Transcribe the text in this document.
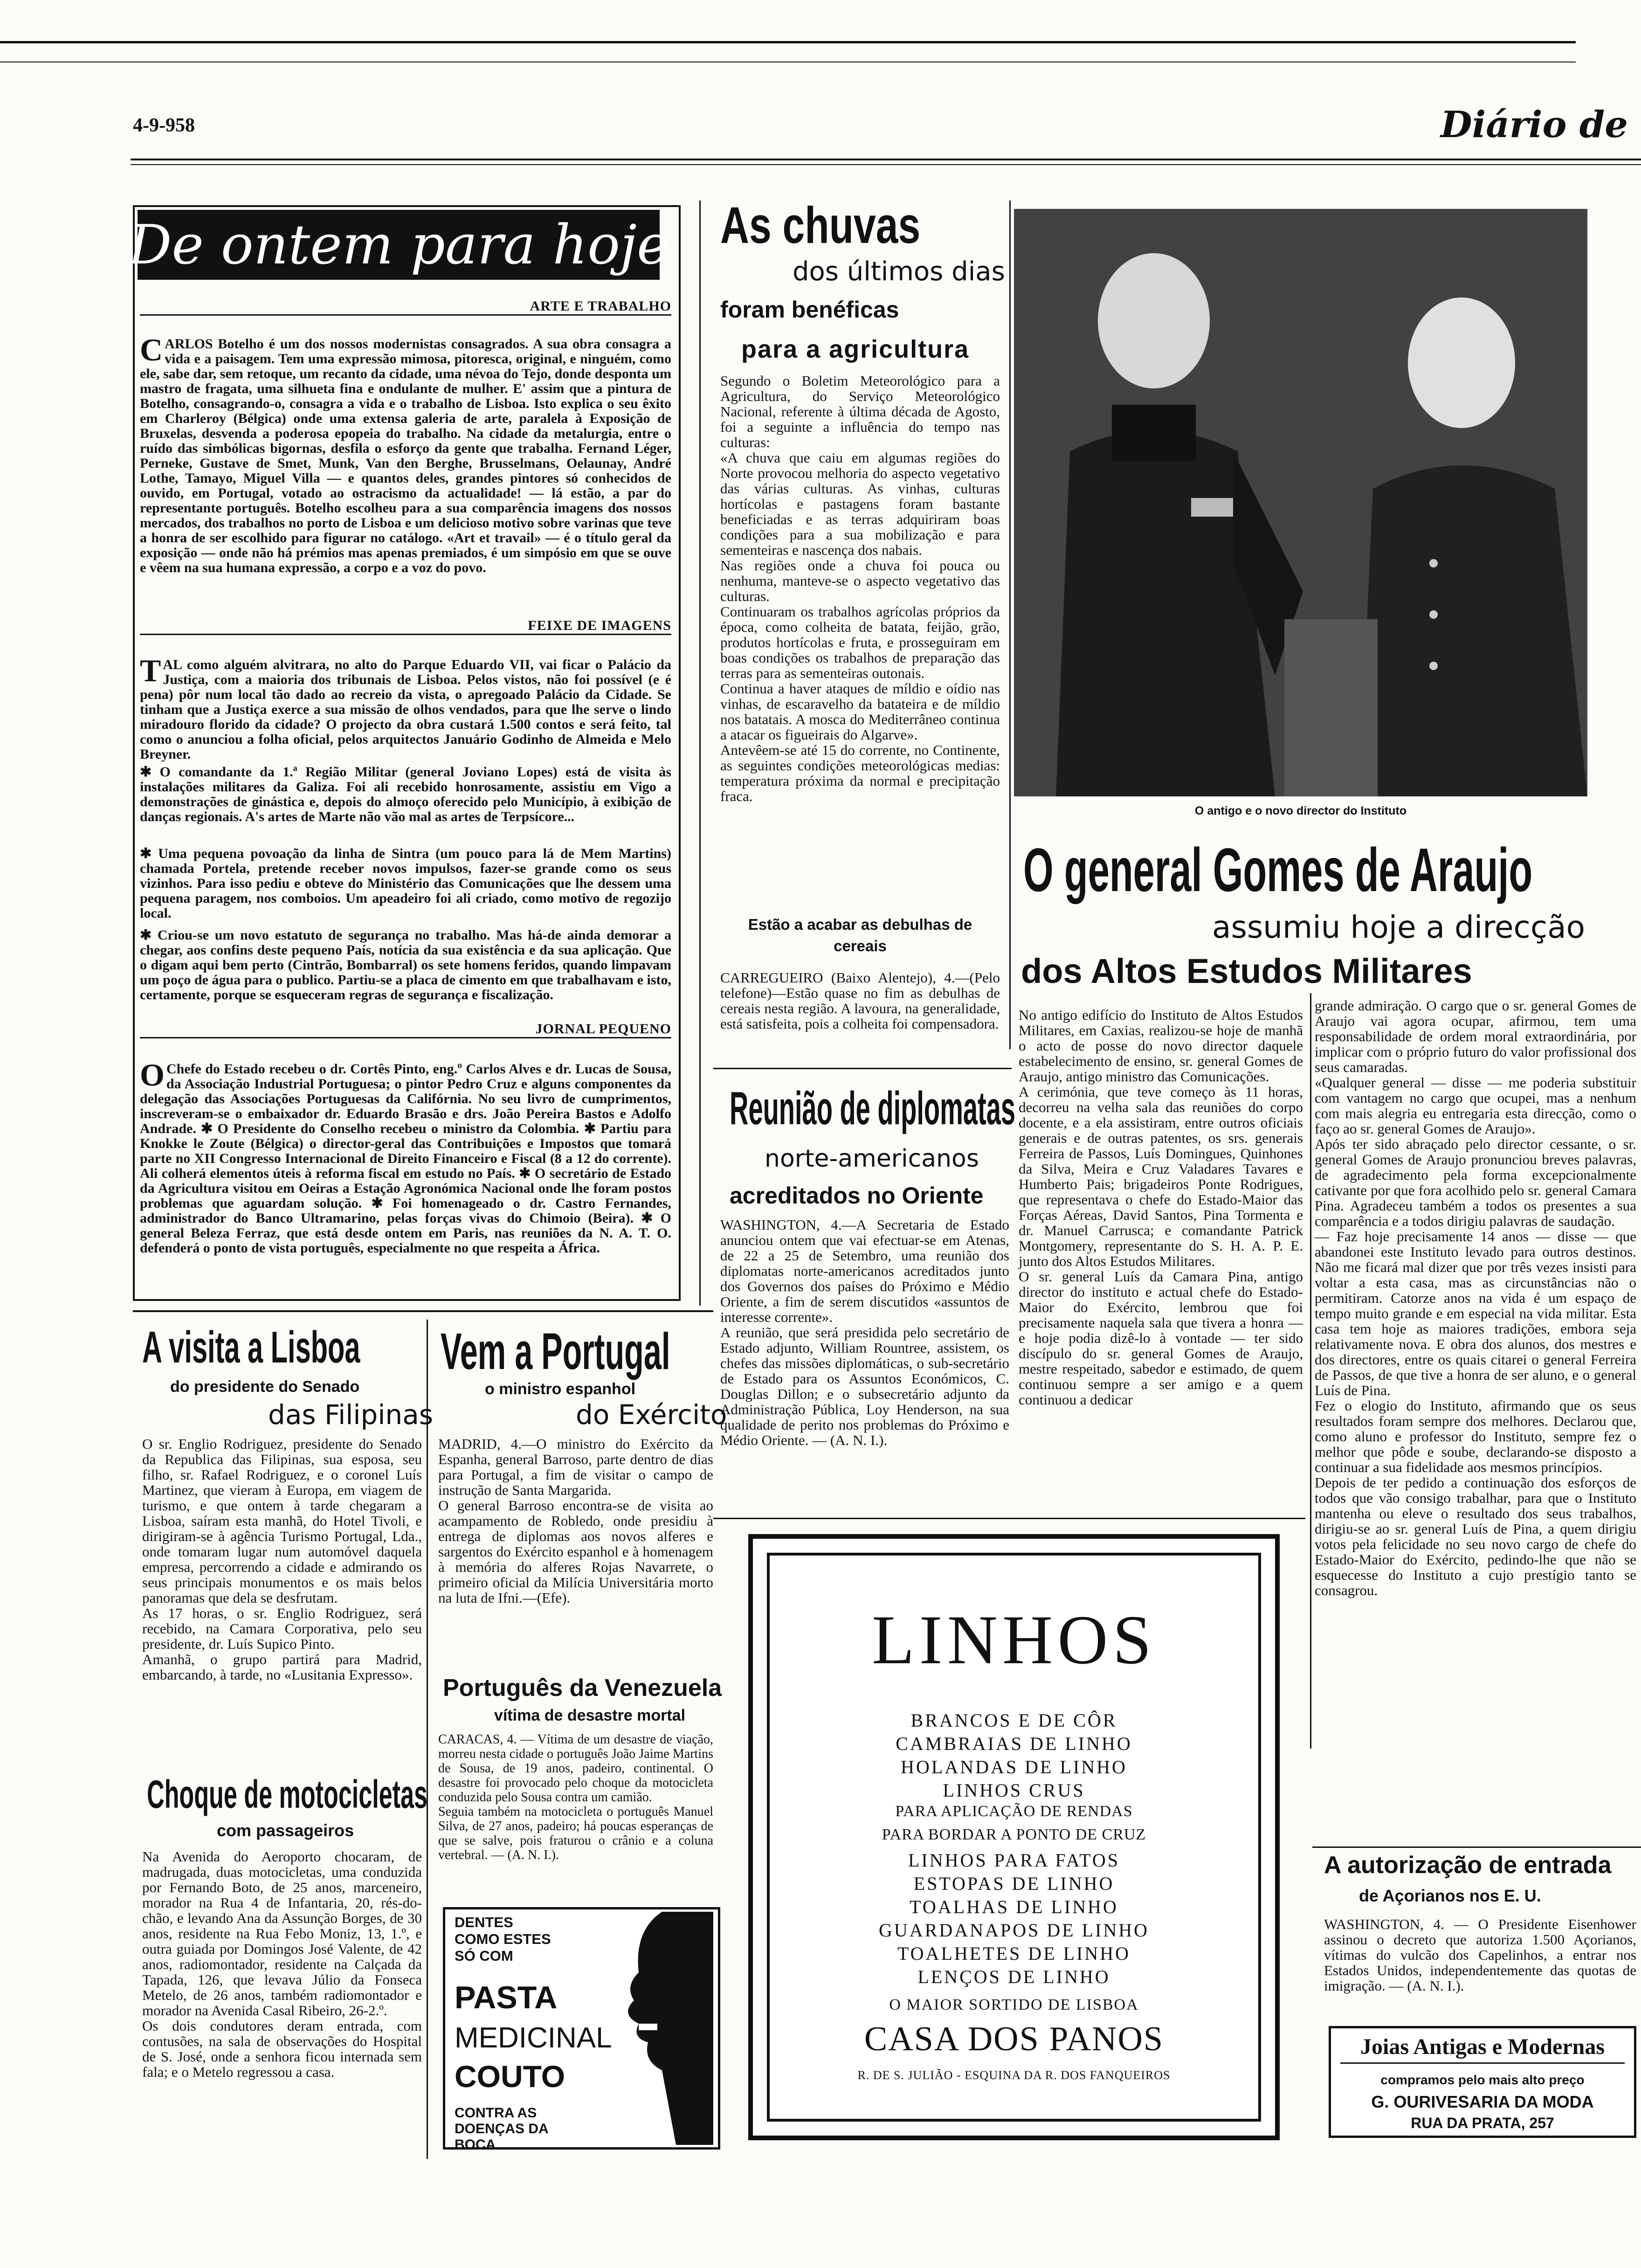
4-9-958	Diário de
De ontem para hoje
ARTE E TRABALHO

CARLOS Botelho é um dos nossos modernistas consagrados. A sua obra consagra a vida e a paisagem. Tem uma expressão mimosa, pitoresca, original, e ninguém, como ele, sabe dar, sem retoque, um recanto da cidade, uma névoa do Tejo, donde desponta um mastro de fragata, uma silhueta fina e ondulante de mulher. E' assim que a pintura de Botelho, consagrando-o, consagra a vida e o trabalho de Lisboa. Isto explica o seu êxito em Charleroy (Bélgica) onde uma extensa galeria de arte, paralela à Exposição de Bruxelas, desvenda a poderosa epopeia do trabalho. Na cidade da metalurgia, entre o ruído das simbólicas bigornas, desfila o esforço da gente que trabalha. Fernand Léger, Perneke, Gustave de Smet, Munk, Van den Berghe, Brusselmans, Oelaunay, André Lothe, Tamayo, Miguel Villa — e quantos deles, grandes pintores só conhecidos de ouvido, em Portugal, votado ao ostracismo da actualidade! — lá estão, a par do representante português. Botelho escolheu para a sua comparência imagens dos nossos mercados, dos trabalhos no porto de Lisboa e um delicioso motivo sobre varinas que teve a honra de ser escolhido para figurar no catálogo. «Art et travail» — é o título geral da exposição — onde não há prémios mas apenas premiados, é um simpósio em que se ouve e vêem na sua humana expressão, a corpo e a voz do povo.

FEIXE DE IMAGENS

TAL como alguém alvitrara, no alto do Parque Eduardo VII, vai ficar o Palácio da Justiça, com a maioria dos tribunais de Lisboa. Pelos vistos, não foi possível (e é pena) pôr num local tão dado ao recreio da vista, o apregoado Palácio da Cidade. Se tinham que a Justiça exerce a sua missão de olhos vendados, para que lhe serve o lindo miradouro florido da cidade? O projecto da obra custará 1.500 contos e será feito, tal como o anunciou a folha oficial, pelos arquitectos Januário Godinho de Almeida e Melo Breyner.

✱ O comandante da 1.ª Região Militar (general Joviano Lopes) está de visita às instalações militares da Galiza. Foi ali recebido honrosamente, assistiu em Vigo a demonstrações de ginástica e, depois do almoço oferecido pelo Município, à exibição de danças regionais. A's artes de Marte não vão mal as artes de Terpsícore...
✱ Uma pequena povoação da linha de Sintra (um pouco para lá de Mem Martins) chamada Portela, pretende receber novos impulsos, fazer-se grande como os seus vizinhos. Para isso pediu e obteve do Ministério das Comunicações que lhe dessem uma pequena paragem, nos comboios. Um apeadeiro foi ali criado, como motivo de regozijo local.
✱ Criou-se um novo estatuto de segurança no trabalho. Mas há-de ainda demorar a chegar, aos confins deste pequeno País, notícia da sua existência e da sua aplicação. Que o digam aqui bem perto (Cintrão, Bombarral) os sete homens feridos, quando limpavam um poço de água para o publico. Partiu-se a placa de cimento em que trabalhavam e isto, certamente, porque se esqueceram regras de segurança e fiscalização.
JORNAL PEQUENO

O Chefe do Estado recebeu o dr. Cortês Pinto, eng.º Carlos Alves e dr. Lucas de Sousa, da Associação Industrial Portuguesa; o pintor Pedro Cruz e alguns componentes da delegação das Associações Portuguesas da Califórnia. No seu livro de cumprimentos, inscreveram-se o embaixador dr. Eduardo Brasão e drs. João Pereira Bastos e Adolfo Andrade. ✱ O Presidente do Conselho recebeu o ministro da Colombia. ✱ Partiu para Knokke le Zoute (Bélgica) o director-geral das Contribuições e Impostos que tomará parte no XII Congresso Internacional de Direito Financeiro e Fiscal (8 a 12 do corrente). Ali colherá elementos úteis à reforma fiscal em estudo no País. ✱ O secretário de Estado da Agricultura visitou em Oeiras a Estação Agronómica Nacional onde lhe foram postos problemas que aguardam solução. ✱ Foi homenageado o dr. Castro Fernandes, administrador do Banco Ultramarino, pelas forças vivas do Chimoio (Beira). ✱ O general Beleza Ferraz, que está desde ontem em Paris, nas reuniões da N. A. T. O. defenderá o ponto de vista português, especialmente no que respeita a África.

As chuvas
dos últimos dias
foram benéficas
para a agricultura
Segundo o Boletim Meteorológico para a Agricultura, do Serviço Meteorológico Nacional, referente à última década de Agosto, foi a seguinte a influência do tempo nas culturas:
«A chuva que caiu em algumas regiões do Norte provocou melhoria do aspecto vegetativo das várias culturas. As vinhas, culturas hortícolas e pastagens foram bastante beneficiadas e as terras adquiriram boas condições para a sua mobilização e para sementeiras e nascença dos nabais.
Nas regiões onde a chuva foi pouca ou nenhuma, manteve-se o aspecto vegetativo das culturas.
Continuaram os trabalhos agrícolas próprios da época, como colheita de batata, feijão, grão, produtos hortícolas e fruta, e prosseguiram em boas condições os trabalhos de preparação das terras para as sementeiras outonais.
Continua a haver ataques de míldio e oídio nas vinhas, de escaravelho da batateira e de míldio nos batatais. A mosca do Mediterrâneo continua a atacar os figueirais do Algarve».
Antevêem-se até 15 do corrente, no Continente, as seguintes condições meteorológicas medias: temperatura próxima da normal e precipitação fraca.
Estão a acabar as debulhas de cereais
CARREGUEIRO (Baixo Alentejo), 4.—(Pelo telefone)—Estão quase no fim as debulhas de cereais nesta região. A lavoura, na generalidade, está satisfeita, pois a colheita foi compensadora.
O antigo e o novo director do Instituto
O general Gomes de Araujo
assumiu hoje a direcção
dos Altos Estudos Militares
No antigo edifício do Instituto de Altos Estudos Militares, em Caxias, realizou-se hoje de manhã o acto de posse do novo director daquele estabelecimento de ensino, sr. general Gomes de Araujo, antigo ministro das Comunicações.
A cerimónia, que teve começo às 11 horas, decorreu na velha sala das reuniões do corpo docente, e a ela assistiram, entre outros oficiais generais e de outras patentes, os srs. generais Ferreira de Passos, Luís Domingues, Quinhones da Silva, Meira e Cruz Valadares Tavares e Humberto Pais; brigadeiros Ponte Rodrigues, que representava o chefe do Estado-Maior das Forças Aéreas, David Santos, Pina Tormenta e dr. Manuel Carrusca; e comandante Patrick Montgomery, representante do S. H. A. P. E. junto dos Altos Estudos Militares.
O sr. general Luís da Camara Pina, antigo director do instituto e actual chefe do Estado-Maior do Exército, lembrou que foi precisamente naquela sala que tivera a honra — e hoje podia dizê-lo à vontade — ter sido discípulo do sr. general Gomes de Araujo, mestre respeitado, sabedor e estimado, de quem continuou sempre a ser amigo e a quem continuou a dedicar
grande admiração. O cargo que o sr. general Gomes de Araujo vai agora ocupar, afirmou, tem uma responsabilidade de ordem moral extraordinária, por implicar com o próprio futuro do valor profissional dos seus camaradas.
«Qualquer general — disse — me poderia substituir com vantagem no cargo que ocupei, mas a nenhum com mais alegria eu entregaria esta direcção, como o faço ao sr. general Gomes de Araujo».
Após ter sido abraçado pelo director cessante, o sr. general Gomes de Araujo pronunciou breves palavras, de agradecimento pela forma excepcionalmente cativante por que fora acolhido pelo sr. general Camara Pina. Agradeceu também a todos os presentes a sua comparência e a todos dirigiu palavras de saudação.
— Faz hoje precisamente 14 anos — disse — que abandonei este Instituto levado para outros destinos. Não me ficará mal dizer que por três vezes insisti para voltar a esta casa, mas as circunstâncias não o permitiram. Catorze anos na vida é um espaço de tempo muito grande e em especial na vida militar. Esta casa tem hoje as maiores tradições, embora seja relativamente nova. E obra dos alunos, dos mestres e dos directores, entre os quais citarei o general Ferreira de Passos, de que tive a honra de ser aluno, e o general Luís de Pina.
Fez o elogio do Instituto, afirmando que os seus resultados foram sempre dos melhores. Declarou que, como aluno e professor do Instituto, sempre fez o melhor que pôde e soube, declarando-se disposto a continuar a sua fidelidade aos mesmos princípios.
Depois de ter pedido a continuação dos esforços de todos que vão consigo trabalhar, para que o Instituto mantenha ou eleve o resultado dos seus trabalhos, dirigiu-se ao sr. general Luís de Pina, a quem dirigiu votos pela felicidade no seu novo cargo de chefe do Estado-Maior do Exército, pedindo-lhe que não se esquecesse do Instituto a cujo prestígio tanto se consagrou.
Reunião de diplomatas
norte-americanos
acreditados no Oriente
WASHINGTON, 4.—A Secretaria de Estado anunciou ontem que vai efectuar-se em Atenas, de 22 a 25 de Setembro, uma reunião dos diplomatas norte-americanos acreditados junto dos Governos dos países do Próximo e Médio Oriente, a fim de serem discutidos «assuntos de interesse corrente».
A reunião, que será presidida pelo secretário de Estado adjunto, William Rountree, assistem, os chefes das missões diplomáticas, o sub-secretário de Estado para os Assuntos Económicos, C. Douglas Dillon; e o subsecretário adjunto da Administração Pública, Loy Henderson, na sua qualidade de perito nos problemas do Próximo e Médio Oriente. — (A. N. I.).
A visita a Lisboa
do presidente do Senado
das Filipinas
O sr. Englio Rodriguez, presidente do Senado da Republica das Filipinas, sua esposa, seu filho, sr. Rafael Rodriguez, e o coronel Luís Martinez, que vieram à Europa, em viagem de turismo, e que ontem à tarde chegaram a Lisboa, saíram esta manhã, do Hotel Tivoli, e dirigiram-se à agência Turismo Portugal, Lda., onde tomaram lugar num automóvel daquela empresa, percorrendo a cidade e admirando os seus principais monumentos e os mais belos panoramas que dela se desfrutam.
As 17 horas, o sr. Englio Rodriguez, será recebido, na Camara Corporativa, pelo seu presidente, dr. Luís Supico Pinto.
Amanhã, o grupo partirá para Madrid, embarcando, à tarde, no «Lusitania Expresso».
Choque de motocicletas
com passageiros
Na Avenida do Aeroporto chocaram, de madrugada, duas motocicletas, uma conduzida por Fernando Boto, de 25 anos, marceneiro, morador na Rua 4 de Infantaria, 20, rés-do-chão, e levando Ana da Assunção Borges, de 30 anos, residente na Rua Febo Moniz, 13, 1.º, e outra guiada por Domingos José Valente, de 42 anos, radiomontador, residente na Calçada da Tapada, 126, que levava Júlio da Fonseca Metelo, de 26 anos, também radiomontador e morador na Avenida Casal Ribeiro, 26-2.º.
Os dois condutores deram entrada, com contusões, na sala de observações do Hospital de S. José, onde a senhora ficou internada sem fala; e o Metelo regressou a casa.
Vem a Portugal
o ministro espanhol
do Exército
MADRID, 4.—O ministro do Exército da Espanha, general Barroso, parte dentro de dias para Portugal, a fim de visitar o campo de instrução de Santa Margarida.
O general Barroso encontra-se de visita ao acampamento de Robledo, onde presidiu à entrega de diplomas aos novos alferes e sargentos do Exército espanhol e à homenagem à memória do alferes Rojas Navarrete, o primeiro oficial da Milícia Universitária morto na luta de Ifni.—(Efe).
Português da Venezuela
vítima de desastre mortal
CARACAS, 4. — Vítima de um desastre de viação, morreu nesta cidade o português João Jaime Martins de Sousa, de 19 anos, padeiro, continental. O desastre foi provocado pelo choque da motocicleta conduzida pelo Sousa contra um camião.
Seguia também na motocicleta o português Manuel Silva, de 27 anos, padeiro; há poucas esperanças de que se salve, pois fraturou o crânio e a coluna vertebral. — (A. N. I.).
DENTES COMO ESTES SÓ COM
PASTA
MEDICINAL
COUTO
CONTRA AS DOENÇAS DA BOCA
LINHOS
BRANCOS E DE CÔR
CAMBRAIAS DE LINHO
HOLANDAS DE LINHO
LINHOS CRUS
PARA APLICAÇÃO DE RENDAS
PARA BORDAR A PONTO DE CRUZ
LINHOS PARA FATOS
ESTOPAS DE LINHO
TOALHAS DE LINHO
GUARDANAPOS DE LINHO
TOALHETES DE LINHO
LENÇOS DE LINHO
O MAIOR SORTIDO DE LISBOA
CASA DOS PANOS
R. DE S. JULIÃO - ESQUINA DA R. DOS FANQUEIROS
A autorização de entrada
de Açorianos nos E. U.
WASHINGTON, 4. — O Presidente Eisenhower assinou o decreto que autoriza 1.500 Açorianos, vítimas do vulcão dos Capelinhos, a entrar nos Estados Unidos, independentemente das quotas de imigração. — (A. N. I.).
Joias Antigas e Modernas
compramos pelo mais alto preço
G. OURIVESARIA DA MODA
RUA DA PRATA, 257
